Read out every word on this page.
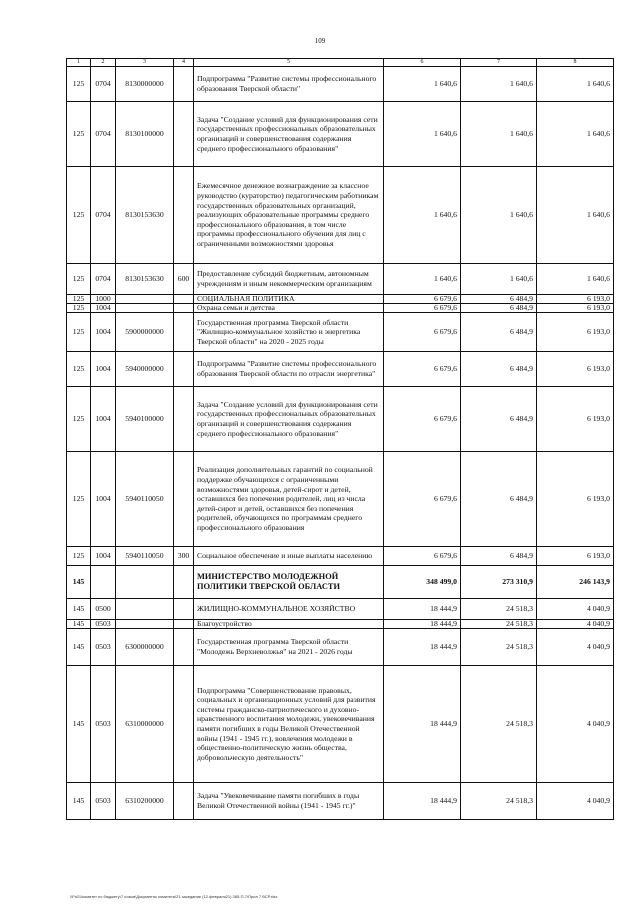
109
1	2	3	4	5	6	7	8
125	0704	8130000000		Подпрограмма "Развитие системы профессионального образования Тверской области"	1 640,6	1 640,6	1 640,6
125	0704	8130100000		Задача "Создание условий для функционирования сети государственных профессиональных образовательных организаций и совершенствования содержания среднего профессионального образования"	1 640,6	1 640,6	1 640,6
125	0704	8130153630		Ежемесячное денежное вознаграждение за классное руководство (кураторство) педагогическим работникам государственных образовательных организаций, реализующих образовательные программы среднего профессионального образования, в том числе программы профессионального обучения для лиц с ограниченными возможностями здоровья	1 640,6	1 640,6	1 640,6
125	0704	8130153630	600	Предоставление субсидий бюджетным, автономным учреждениям и иным некоммерческим организациям	1 640,6	1 640,6	1 640,6
125	1000			СОЦИАЛЬНАЯ ПОЛИТИКА	6 679,6	6 484,9	6 193,0
125	1004			Охрана семьи и детства	6 679,6	6 484,9	6 193,0
125	1004	5900000000		Государственная программа Тверской области "Жилищно-коммунальное хозяйство и энергетика Тверской области" на 2020 - 2025 годы	6 679,6	6 484,9	6 193,0
125	1004	5940000000		Подпрограмма "Развитие системы профессионального образования Тверской области по отрасли энергетика"	6 679,6	6 484,9	6 193,0
125	1004	5940100000		Задача "Создание условий для функционирования сети государственных профессиональных образовательных организаций и совершенствования содержания среднего профессионального образования"	6 679,6	6 484,9	6 193,0
125	1004	5940110050		Реализация дополнительных гарантий по социальной поддержке обучающихся с ограниченными возможностями здоровья, детей-сирот и детей, оставшихся без попечения родителей, лиц из числа детей-сирот и детей, оставшихся без попечения родителей, обучающихся по программам среднего профессионального образования	6 679,6	6 484,9	6 193,0
125	1004	5940110050	300	Социальное обеспечение и иные выплаты населению	6 679,6	6 484,9	6 193,0
145				МИНИСТЕРСТВО МОЛОДЕЖНОЙ ПОЛИТИКИ ТВЕРСКОЙ ОБЛАСТИ	348 499,0	273 310,9	246 143,9
145	0500			ЖИЛИЩНО-КОММУНАЛЬНОЕ ХОЗЯЙСТВО	18 444,9	24 518,3	4 040,9
145	0503			Благоустройство	18 444,9	24 518,3	4 040,9
145	0503	6300000000		Государственная программа Тверской области "Молодежь Верхневолжья" на 2021 - 2026 годы	18 444,9	24 518,3	4 040,9
145	0503	6310000000		Подпрограмма "Совершенствование правовых, социальных и организационных условий для развития системы гражданско-патриотического и духовно-нравственного воспитания молодежи, увековечивания памяти погибших в годы Великой Отечественной войны (1941 - 1945 гг.), вовлечения молодежи в общественно-политическую жизнь общества, добровольческую деятельность"	18 444,9	24 518,3	4 040,9
145	0503	6310200000		Задача "Увековечивание памяти погибших в годы Великой Отечественной войны (1941 - 1945 гг.)"	18 444,9	24 518,3	4 040,9
\\Fs01\комитет по бюджету\7 созыв\Документы комитета\21 заседание (12.февраля21) 385-П-7\Прил 7 ВСР.xlsx
